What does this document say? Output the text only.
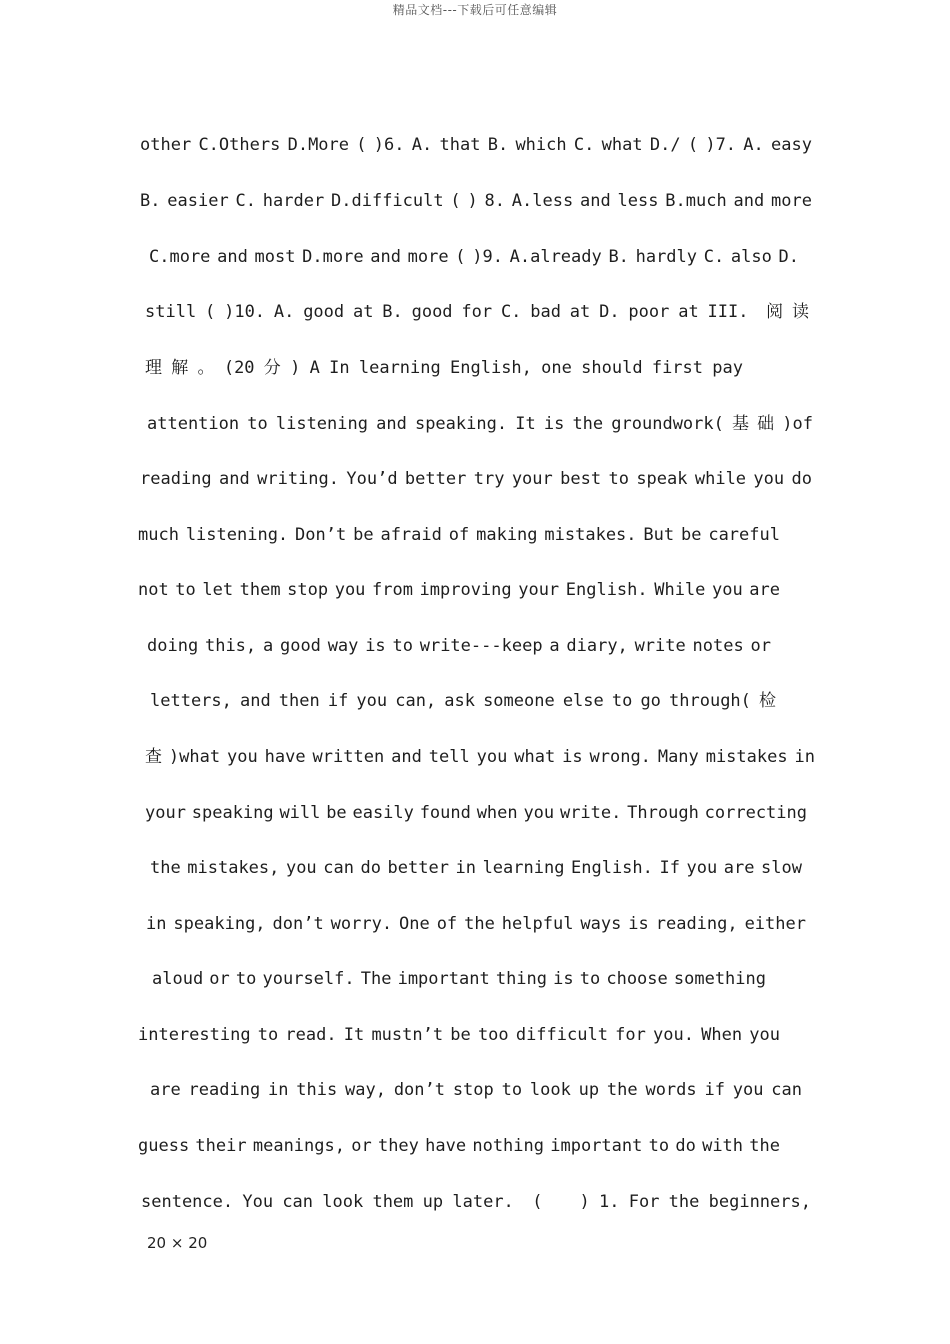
精品文档---下载后可任意编辑
other C.Others D.More ( )6. A. that B. which C. what D./ ( )7. A. easy
B. easier C. harder D.difficult ( ) 8. A.less and less B.much and more
C.more and most D.more and more ( )9. A.already B. hardly C. also D.
still ( )10. A. good at B. good for C. bad at D. poor at III.  阅 读
理 解 。 (20 分 ) A In learning English, one should first pay
attention to listening and speaking. It is the groundwork( 基 础 )of
reading and writing. You’d better try your best to speak while you do
much listening. Don’t be afraid of making mistakes. But be careful
not to let them stop you from improving your English. While you are
doing this, a good way is to write---keep a diary, write notes or
letters, and then if you can, ask someone else to go through( 检
查 )what you have written and tell you what is wrong. Many mistakes in
your speaking will be easily found when you write. Through correcting
the mistakes, you can do better in learning English. If you are slow
in speaking, don’t worry. One of the helpful ways is reading, either
aloud or to yourself. The important thing is to choose something
interesting to read. It mustn’t be too difficult for you. When you
are reading in this way, don’t stop to look up the words if you can
guess their meanings, or they have nothing important to do with the
sentence. You can look them up later.  (    ) 1. For the beginners,
20 × 20
